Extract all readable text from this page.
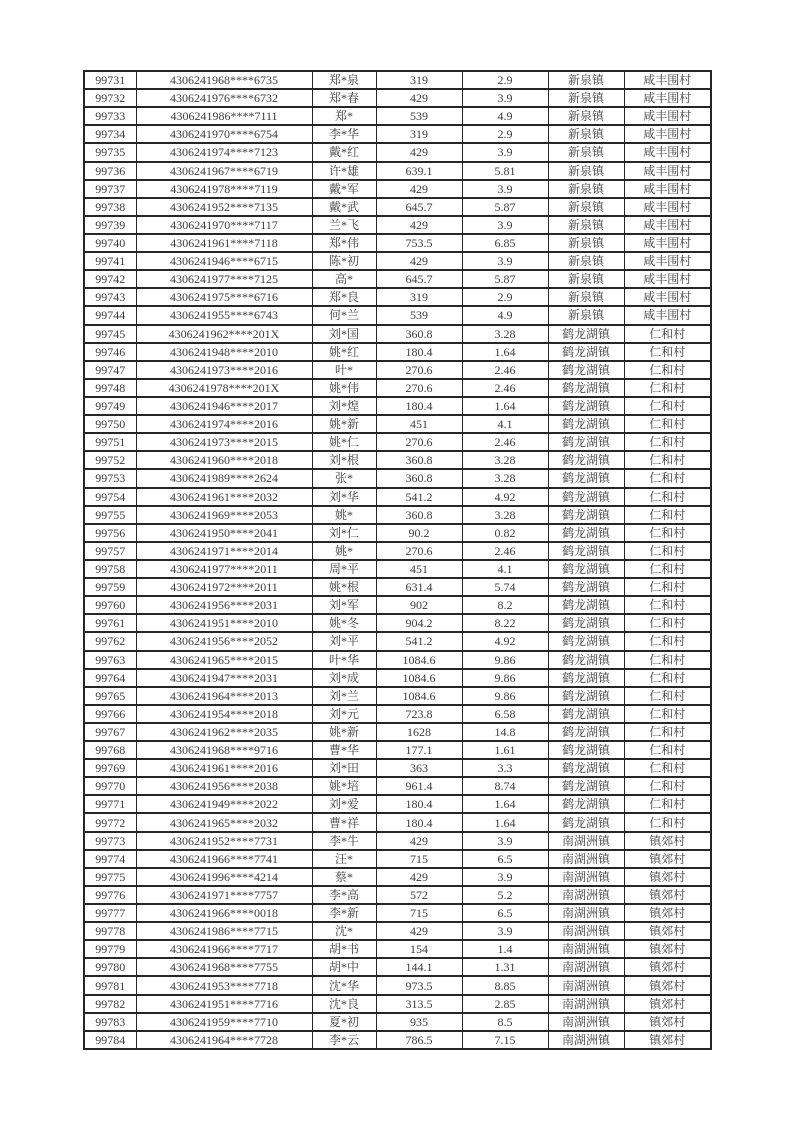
99731	4306241968****6735	郑*泉	319	2.9	新泉镇	咸丰围村
99732	4306241976****6732	郑*春	429	3.9	新泉镇	咸丰围村
99733	4306241986****7111	郑*	539	4.9	新泉镇	咸丰围村
99734	4306241970****6754	李*华	319	2.9	新泉镇	咸丰围村
99735	4306241974****7123	戴*红	429	3.9	新泉镇	咸丰围村
99736	4306241967****6719	许*雄	639.1	5.81	新泉镇	咸丰围村
99737	4306241978****7119	戴*军	429	3.9	新泉镇	咸丰围村
99738	4306241952****7135	戴*武	645.7	5.87	新泉镇	咸丰围村
99739	4306241970****7117	兰*飞	429	3.9	新泉镇	咸丰围村
99740	4306241961****7118	郑*伟	753.5	6.85	新泉镇	咸丰围村
99741	4306241946****6715	陈*初	429	3.9	新泉镇	咸丰围村
99742	4306241977****7125	高*	645.7	5.87	新泉镇	咸丰围村
99743	4306241975****6716	郑*良	319	2.9	新泉镇	咸丰围村
99744	4306241955****6743	何*兰	539	4.9	新泉镇	咸丰围村
99745	4306241962****201X	刘*国	360.8	3.28	鹤龙湖镇	仁和村
99746	4306241948****2010	姚*红	180.4	1.64	鹤龙湖镇	仁和村
99747	4306241973****2016	叶*	270.6	2.46	鹤龙湖镇	仁和村
99748	4306241978****201X	姚*伟	270.6	2.46	鹤龙湖镇	仁和村
99749	4306241946****2017	刘*煌	180.4	1.64	鹤龙湖镇	仁和村
99750	4306241974****2016	姚*新	451	4.1	鹤龙湖镇	仁和村
99751	4306241973****2015	姚*仁	270.6	2.46	鹤龙湖镇	仁和村
99752	4306241960****2018	刘*根	360.8	3.28	鹤龙湖镇	仁和村
99753	4306241989****2624	张*	360.8	3.28	鹤龙湖镇	仁和村
99754	4306241961****2032	刘*华	541.2	4.92	鹤龙湖镇	仁和村
99755	4306241969****2053	姚*	360.8	3.28	鹤龙湖镇	仁和村
99756	4306241950****2041	刘*仁	90.2	0.82	鹤龙湖镇	仁和村
99757	4306241971****2014	姚*	270.6	2.46	鹤龙湖镇	仁和村
99758	4306241977****2011	周*平	451	4.1	鹤龙湖镇	仁和村
99759	4306241972****2011	姚*根	631.4	5.74	鹤龙湖镇	仁和村
99760	4306241956****2031	刘*军	902	8.2	鹤龙湖镇	仁和村
99761	4306241951****2010	姚*冬	904.2	8.22	鹤龙湖镇	仁和村
99762	4306241956****2052	刘*平	541.2	4.92	鹤龙湖镇	仁和村
99763	4306241965****2015	叶*华	1084.6	9.86	鹤龙湖镇	仁和村
99764	4306241947****2031	刘*成	1084.6	9.86	鹤龙湖镇	仁和村
99765	4306241964****2013	刘*兰	1084.6	9.86	鹤龙湖镇	仁和村
99766	4306241954****2018	刘*元	723.8	6.58	鹤龙湖镇	仁和村
99767	4306241962****2035	姚*新	1628	14.8	鹤龙湖镇	仁和村
99768	4306241968****9716	曹*华	177.1	1.61	鹤龙湖镇	仁和村
99769	4306241961****2016	刘*田	363	3.3	鹤龙湖镇	仁和村
99770	4306241956****2038	姚*培	961.4	8.74	鹤龙湖镇	仁和村
99771	4306241949****2022	刘*爱	180.4	1.64	鹤龙湖镇	仁和村
99772	4306241965****2032	曹*祥	180.4	1.64	鹤龙湖镇	仁和村
99773	4306241952****7731	李*牛	429	3.9	南湖洲镇	镇郊村
99774	4306241966****7741	汪*	715	6.5	南湖洲镇	镇郊村
99775	4306241996****4214	蔡*	429	3.9	南湖洲镇	镇郊村
99776	4306241971****7757	李*高	572	5.2	南湖洲镇	镇郊村
99777	4306241966****0018	李*新	715	6.5	南湖洲镇	镇郊村
99778	4306241986****7715	沈*	429	3.9	南湖洲镇	镇郊村
99779	4306241966****7717	胡*书	154	1.4	南湖洲镇	镇郊村
99780	4306241968****7755	胡*中	144.1	1.31	南湖洲镇	镇郊村
99781	4306241953****7718	沈*华	973.5	8.85	南湖洲镇	镇郊村
99782	4306241951****7716	沈*良	313.5	2.85	南湖洲镇	镇郊村
99783	4306241959****7710	夏*初	935	8.5	南湖洲镇	镇郊村
99784	4306241964****7728	李*云	786.5	7.15	南湖洲镇	镇郊村
